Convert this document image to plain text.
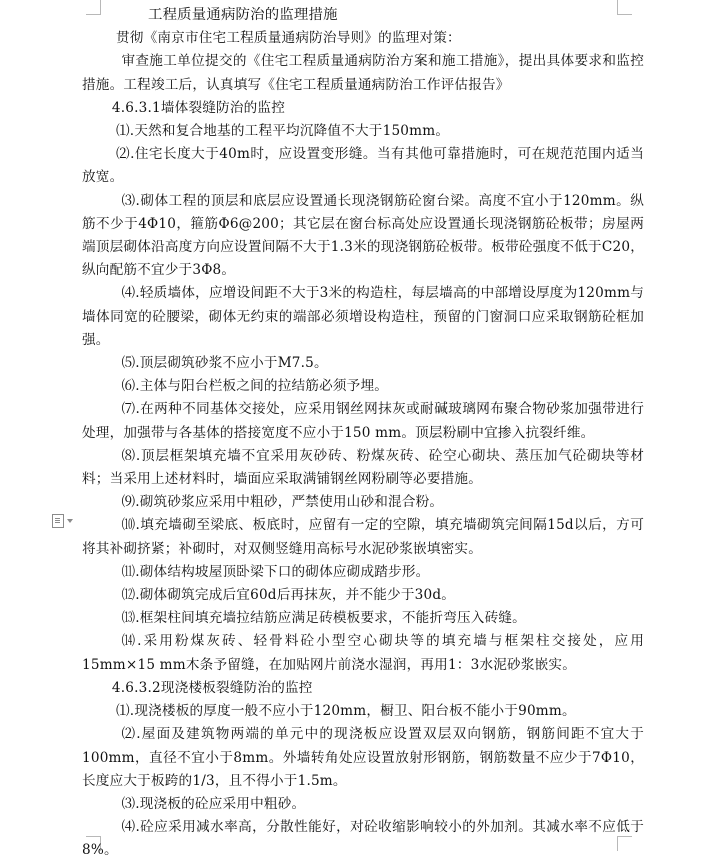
工程质量通病防治的监理措施

贯彻《南京市住宅工程质量通病防治导则》的监理对策：

审查施工单位提交的《住宅工程质量通病防治方案和施工措施》，提出具体要求和监控措施。工程竣工后，认真填写《住宅工程质量通病防治工作评估报告》

4.6.3.1墙体裂缝防治的监控

⑴.天然和复合地基的工程平均沉降值不大于150mm。

⑵.住宅长度大于40m时，应设置变形缝。当有其他可靠措施时，可在规范范围内适当放宽。

⑶.砌体工程的顶层和底层应设置通长现浇钢筋砼窗台梁。高度不宜小于120mm。纵筋不少于4Φ10，箍筋Φ6@200；其它层在窗台标高处应设置通长现浇钢筋砼板带；房屋两端顶层砌体沿高度方向应设置间隔不大于1.3米的现浇钢筋砼板带。板带砼强度不低于C20，纵向配筋不宜少于3Φ8。

⑷.轻质墙体，应增设间距不大于3米的构造柱，每层墙高的中部增设厚度为120mm与墙体同宽的砼腰梁，砌体无约束的端部必须增设构造柱，预留的门窗洞口应采取钢筋砼框加强。

⑸.顶层砌筑砂浆不应小于M7.5。

⑹.主体与阳台栏板之间的拉结筋必须予埋。

⑺.在两种不同基体交接处，应采用钢丝网抹灰或耐碱玻璃网布聚合物砂浆加强带进行处理，加强带与各基体的搭接宽度不应小于150 mm。顶层粉刷中宜掺入抗裂纤维。

⑻.顶层框架填充墙不宜采用灰砂砖、粉煤灰砖、砼空心砌块、蒸压加气砼砌块等材料；当采用上述材料时，墙面应采取满铺钢丝网粉刷等必要措施。

⑼.砌筑砂浆应采用中粗砂，严禁使用山砂和混合粉。

⑽.填充墙砌至梁底、板底时，应留有一定的空隙，填充墙砌筑完间隔15d以后，方可将其补砌挤紧；补砌时，对双侧竖缝用高标号水泥砂浆嵌填密实。

⑾.砌体结构坡屋顶卧梁下口的砌体应砌成踏步形。

⑿.砌体砌筑完成后宜60d后再抹灰，并不能少于30d。

⒀.框架柱间填充墙拉结筋应满足砖模板要求，不能折弯压入砖缝。

⒁.采用粉煤灰砖、轻骨料砼小型空心砌块等的填充墙与框架柱交接处，应用15mm×15 mm木条予留缝，在加贴网片前浇水湿润，再用1：3水泥砂浆嵌实。

4.6.3.2现浇楼板裂缝防治的监控

⑴.现浇楼板的厚度一般不应小于120mm，橱卫、阳台板不能小于90mm。

⑵.屋面及建筑物两端的单元中的现浇板应设置双层双向钢筋，钢筋间距不宜大于100mm，直径不宜小于8mm。外墙转角处应设置放射形钢筋，钢筋数量不应少于7Φ10，长度应大于板跨的1/3，且不得小于1.5m。

⑶.现浇板的砼应采用中粗砂。

⑷.砼应采用减水率高，分散性能好，对砼收缩影响较小的外加剂。其减水率不应低于8%。
